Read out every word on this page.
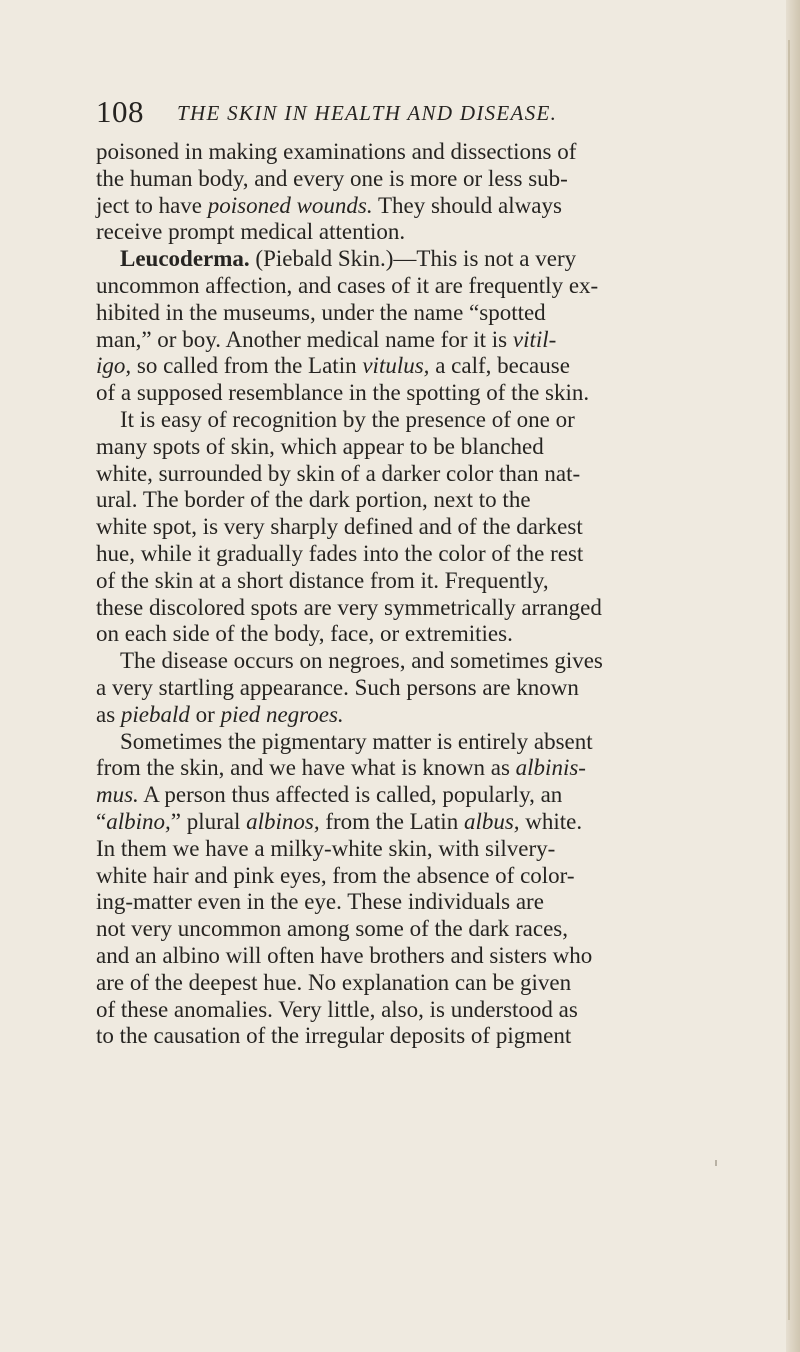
108 THE SKIN IN HEALTH AND DISEASE.
poisoned in making examinations and dissections of
the human body, and every one is more or less sub-
ject to have poisoned wounds. They should always
receive prompt medical attention.
Leucoderma. (Piebald Skin.)—This is not a very
uncommon affection, and cases of it are frequently ex-
hibited in the museums, under the name “spotted
man,” or boy. Another medical name for it is vitil-
igo, so called from the Latin vitulus, a calf, because
of a supposed resemblance in the spotting of the skin.
It is easy of recognition by the presence of one or
many spots of skin, which appear to be blanched
white, surrounded by skin of a darker color than nat-
ural. The border of the dark portion, next to the
white spot, is very sharply defined and of the darkest
hue, while it gradually fades into the color of the rest
of the skin at a short distance from it. Frequently,
these discolored spots are very symmetrically arranged
on each side of the body, face, or extremities.
The disease occurs on negroes, and sometimes gives
a very startling appearance. Such persons are known
as piebald or pied negroes.
Sometimes the pigmentary matter is entirely absent
from the skin, and we have what is known as albinis-
mus. A person thus affected is called, popularly, an
“albino,” plural albinos, from the Latin albus, white.
In them we have a milky-white skin, with silvery-
white hair and pink eyes, from the absence of color-
ing-matter even in the eye. These individuals are
not very uncommon among some of the dark races,
and an albino will often have brothers and sisters who
are of the deepest hue. No explanation can be given
of these anomalies. Very little, also, is understood as
to the causation of the irregular deposits of pigment
